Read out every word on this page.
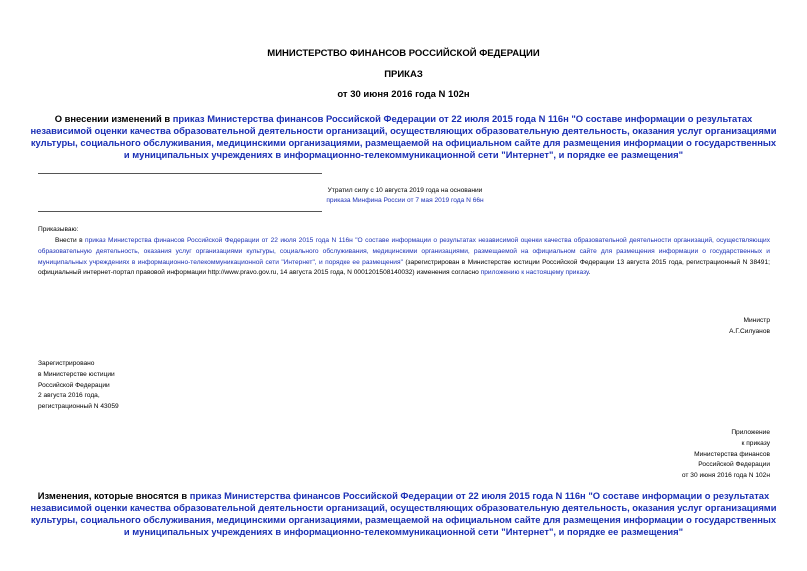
МИНИСТЕРСТВО ФИНАНСОВ РОССИЙСКОЙ ФЕДЕРАЦИИ
ПРИКАЗ
от 30 июня 2016 года N 102н
О внесении изменений в приказ Министерства финансов Российской Федерации от 22 июля 2015 года N 116н "О составе информации о результатах независимой оценки качества образовательной деятельности организаций, осуществляющих образовательную деятельность, оказания услуг организациями культуры, социального обслуживания, медицинскими организациями, размещаемой на официальном сайте для размещения информации о государственных и муниципальных учреждениях в информационно-телекоммуникационной сети "Интернет", и порядке ее размещения"
Утратил силу с 10 августа 2019 года на основании
приказа Минфина России от 7 мая 2019 года N 66н
Приказываю:
Внести в приказ Министерства финансов Российской Федерации от 22 июля 2015 года N 116н "О составе информации о результатах независимой оценки качества образовательной деятельности организаций, осуществляющих образовательную деятельность, оказания услуг организациями культуры, социального обслуживания, медицинскими организациями, размещаемой на официальном сайте для размещения информации о государственных и муниципальных учреждениях в информационно-телекоммуникационной сети "Интернет", и порядке ее размещения" (зарегистрирован в Министерстве юстиции Российской Федерации 13 августа 2015 года, регистрационный N 38491; официальный интернет-портал правовой информации http://www.pravo.gov.ru, 14 августа 2015 года, N 0001201508140032) изменения согласно приложению к настоящему приказу.
Министр
А.Г.Силуанов
Зарегистрировано
в Министерстве юстиции
Российской Федерации
2 августа 2016 года,
регистрационный N 43059
Приложение
к приказу
Министерства финансов
Российской Федерации
от 30 июня 2016 года N 102н
Изменения, которые вносятся в приказ Министерства финансов Российской Федерации от 22 июля 2015 года N 116н "О составе информации о результатах независимой оценки качества образовательной деятельности организаций, осуществляющих образовательную деятельность, оказания услуг организациями культуры, социального обслуживания, медицинскими организациями, размещаемой на официальном сайте для размещения информации о государственных и муниципальных учреждениях в информационно-телекоммуникационной сети "Интернет", и порядке ее размещения"
